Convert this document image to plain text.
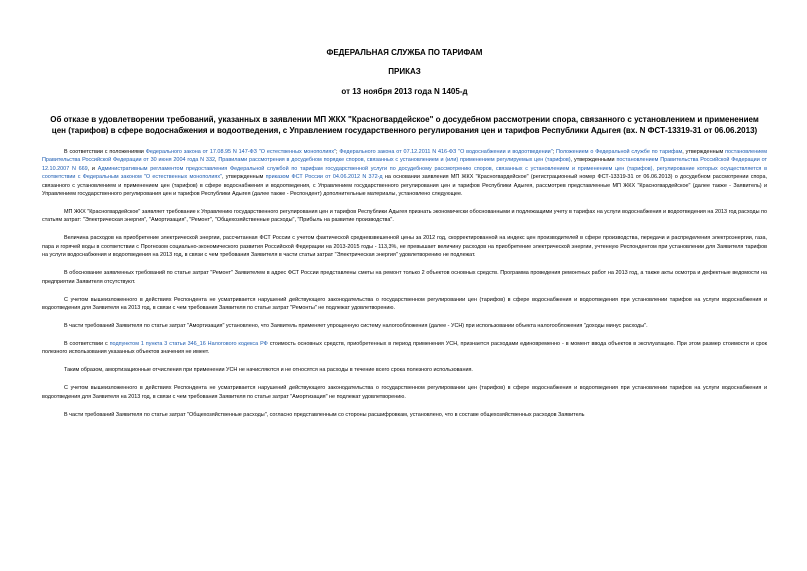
ФЕДЕРАЛЬНАЯ СЛУЖБА ПО ТАРИФАМ
ПРИКАЗ
от 13 ноября 2013 года N 1405-д
Об отказе в удовлетворении требований, указанных в заявлении МП ЖКХ "Красногвардейское" о досудебном рассмотрении спора, связанного с установлением и применением цен (тарифов) в сфере водоснабжения и водоотведения, с Управлением государственного регулирования цен и тарифов Республики Адыгея (вх. N ФСТ-13319-31 от 06.06.2013)

В соответствии с положениями Федерального закона от 17.08.95 N 147-ФЗ "О естественных монополиях"; Федерального закона от 07.12.2011 N 416-ФЗ "О водоснабжении и водоотведении"; Положением о Федеральной службе по тарифам, утвержденным постановлением Правительства Российской Федерации от 30 июня 2004 года N 332, Правилами рассмотрения в досудебном порядке споров, связанных с установлением и (или) применением регулируемых цен (тарифов), утвержденными постановлением Правительства Российской Федерации от 12.10.2007 N 669, и Административным регламентом предоставления Федеральной службой по тарифам государственной услуги по досудебному рассмотрению споров, связанных с установлением и применением цен (тарифов), регулирование которых осуществляется в соответствии с Федеральным законом "О естественных монополиях", утвержденным приказом ФСТ России от 04.06.2012 N 372-д на основании заявления МП ЖКХ "Красногвардейское" (регистрационный номер ФСТ-13319-31 от 06.06.2013) о досудебном рассмотрении спора, связанного с установлением и применением цен (тарифов) в сфере водоснабжения и водоотведения, с Управлением государственного регулирования цен и тарифов Республики Адыгея, рассмотрев представленные МП ЖКХ "Красногвардейское" (далее также - Заявитель) и Управлением государственного регулирования цен и тарифов Республики Адыгея (далее также - Респондент) дополнительные материалы, установлено следующее.

МП ЖКХ "Красногвардейское" заявляет требование к Управлению государственного регулирования цен и тарифов Республики Адыгея признать экономически обоснованными и подлежащими учету в тарифах на услуги водоснабжения и водоотведения на 2013 год расходы по статьям затрат: "Электрическая энергия", "Амортизация", "Ремонт", "Общехозяйственные расходы", "Прибыль на развитие производства".

Величина расходов на приобретение электрической энергии, рассчитанная ФСТ России с учетом фактической средневзвешенной цены за 2012 год, скорректированной на индекс цен производителей в сфере производства, передачи и распределения электроэнергии, газа, пара и горячей воды в соответствии с Прогнозом социально-экономического развития Российской Федерации на 2013-2015 годы - 113,3%, не превышает величину расходов на приобретение электрической энергии, учтенную Респондентом при установлении для Заявителя тарифов на услуги водоснабжения и водоотведения на 2013 год, в связи с чем требования Заявителя в части статьи затрат "Электрическая энергия" удовлетворению не подлежат.

В обоснование заявленных требований по статье затрат "Ремонт" Заявителем в адрес ФСТ России представлены сметы на ремонт только 2 объектов основных средств. Программа проведения ремонтных работ на 2013 год, а также акты осмотра и дефектные ведомости на предприятии Заявителя отсутствуют.

С учетом вышеизложенного в действиях Респондента не усматривается нарушений действующего законодательства о государственном регулировании цен (тарифов) в сфере водоснабжения и водоотведения при установлении тарифов на услуги водоснабжения и водоотведения для Заявителя на 2013 год, в связи с чем требования Заявителя по статье затрат "Ремонты" не подлежат удовлетворению.

В части требований Заявителя по статье затрат "Амортизация" установлено, что Заявитель применяет упрощенную систему налогообложения (далее - УСН) при использовании объекта налогообложения "доходы минус расходы".

В соответствии с подпунктом 1 пункта 3 статьи 346_16 Налогового кодекса РФ стоимость основных средств, приобретенных в период применения УСН, признается расходами единовременно - в момент ввода объектов в эксплуатацию. При этом размер стоимости и срок полезного использования указанных объектов значения не имеет.

Таким образом, амортизационные отчисления при применении УСН не начисляются и не относятся на расходы в течение всего срока полезного использования.

С учетом вышеизложенного в действиях Респондента не усматривается нарушений действующего законодательства о государственном регулировании цен (тарифов) в сфере водоснабжения и водоотведения при установлении тарифов на услуги водоснабжения и водоотведения для Заявителя на 2013 год, в связи с чем требования Заявителя по статье затрат "Амортизация" не подлежат удовлетворению.

В части требований Заявителя по статье затрат "Общехозяйственные расходы", согласно представленным со стороны расшифровкам, установлено, что в составе общехозяйственных расходов Заявитель
